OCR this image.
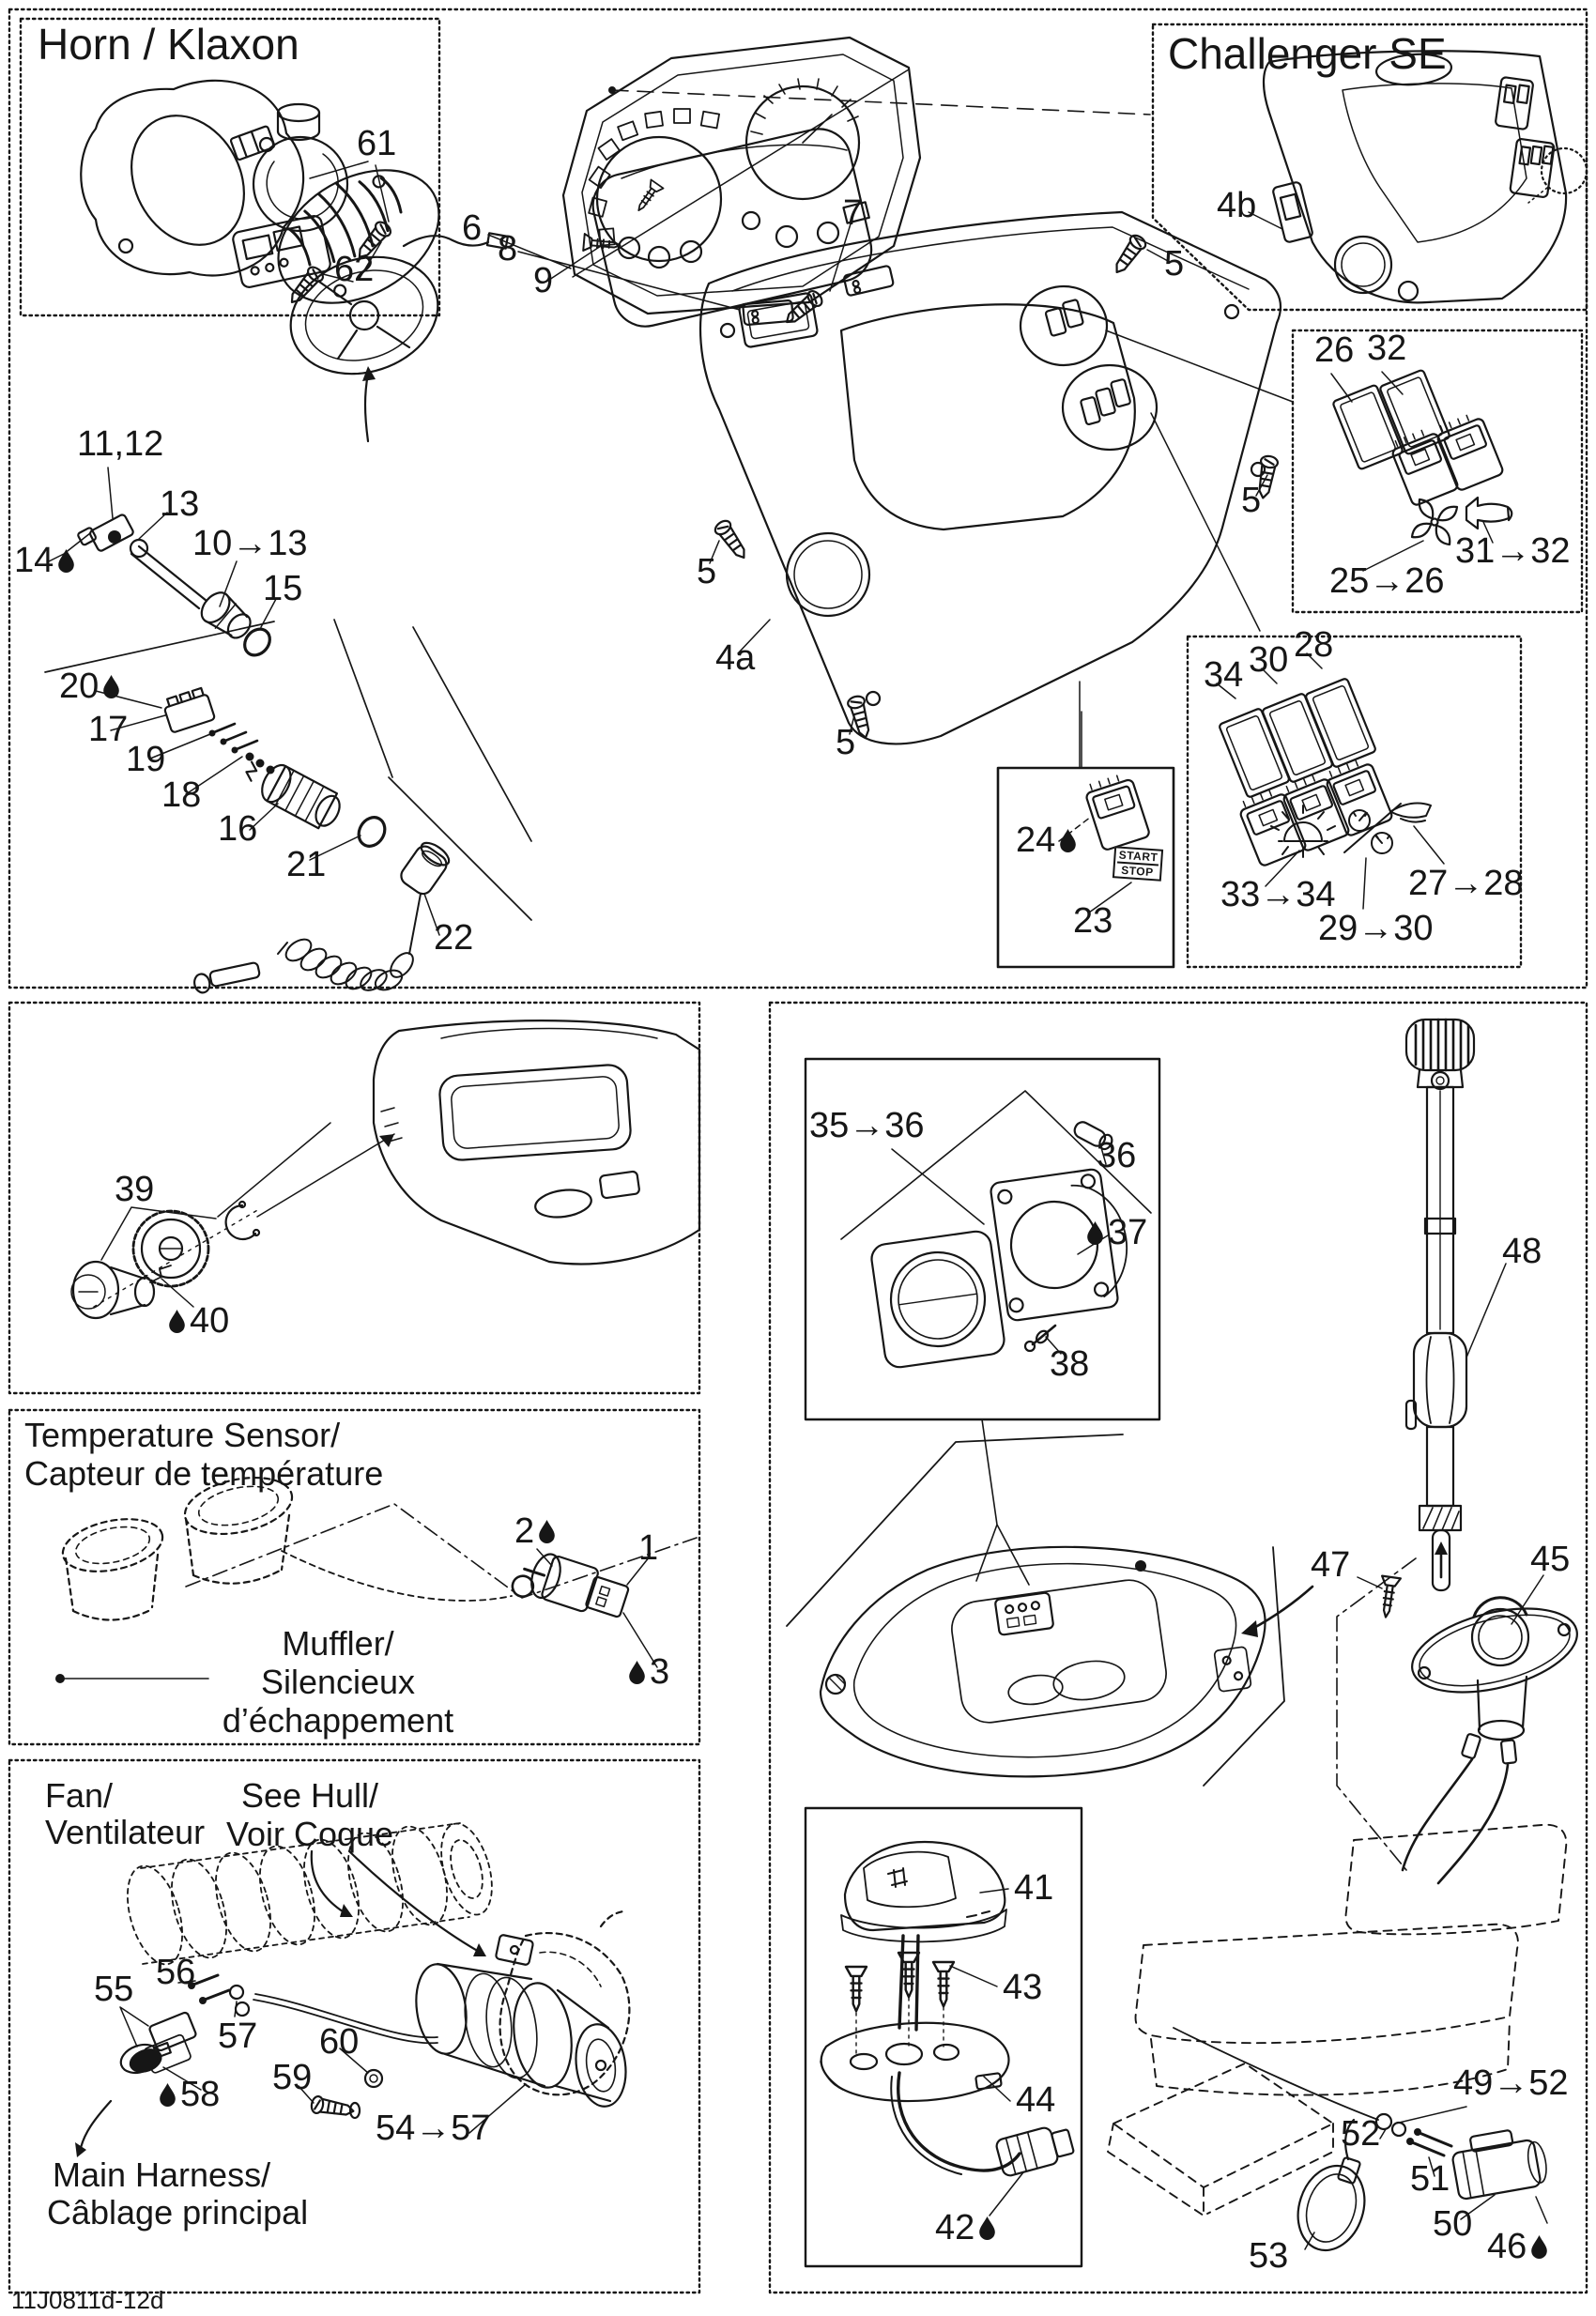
Horn / Klaxon	Challenger SE
61
62
6
8
9
7	4b
5
5
5
5
4a
11,12
13
14	10→13
15
20
17
19
18
16
21
22
26 32
25→26
31→32
34 30 28
33→34
29→30
27→28
24
23
START
STOP
39
40
Temperature Sensor/
Capteur de température
Muffler/
Silencieux
d’échappement
2	1
3
Fan/
Ventilateur
See Hull/
Voir Coque
56
55
57
58
60
59
54→57
Main Harness/
Câblage principal
11J0811d-12d
35→36
36
37
38
48
47	45
41
43
44
42
49→52
52
51
50
46
53
